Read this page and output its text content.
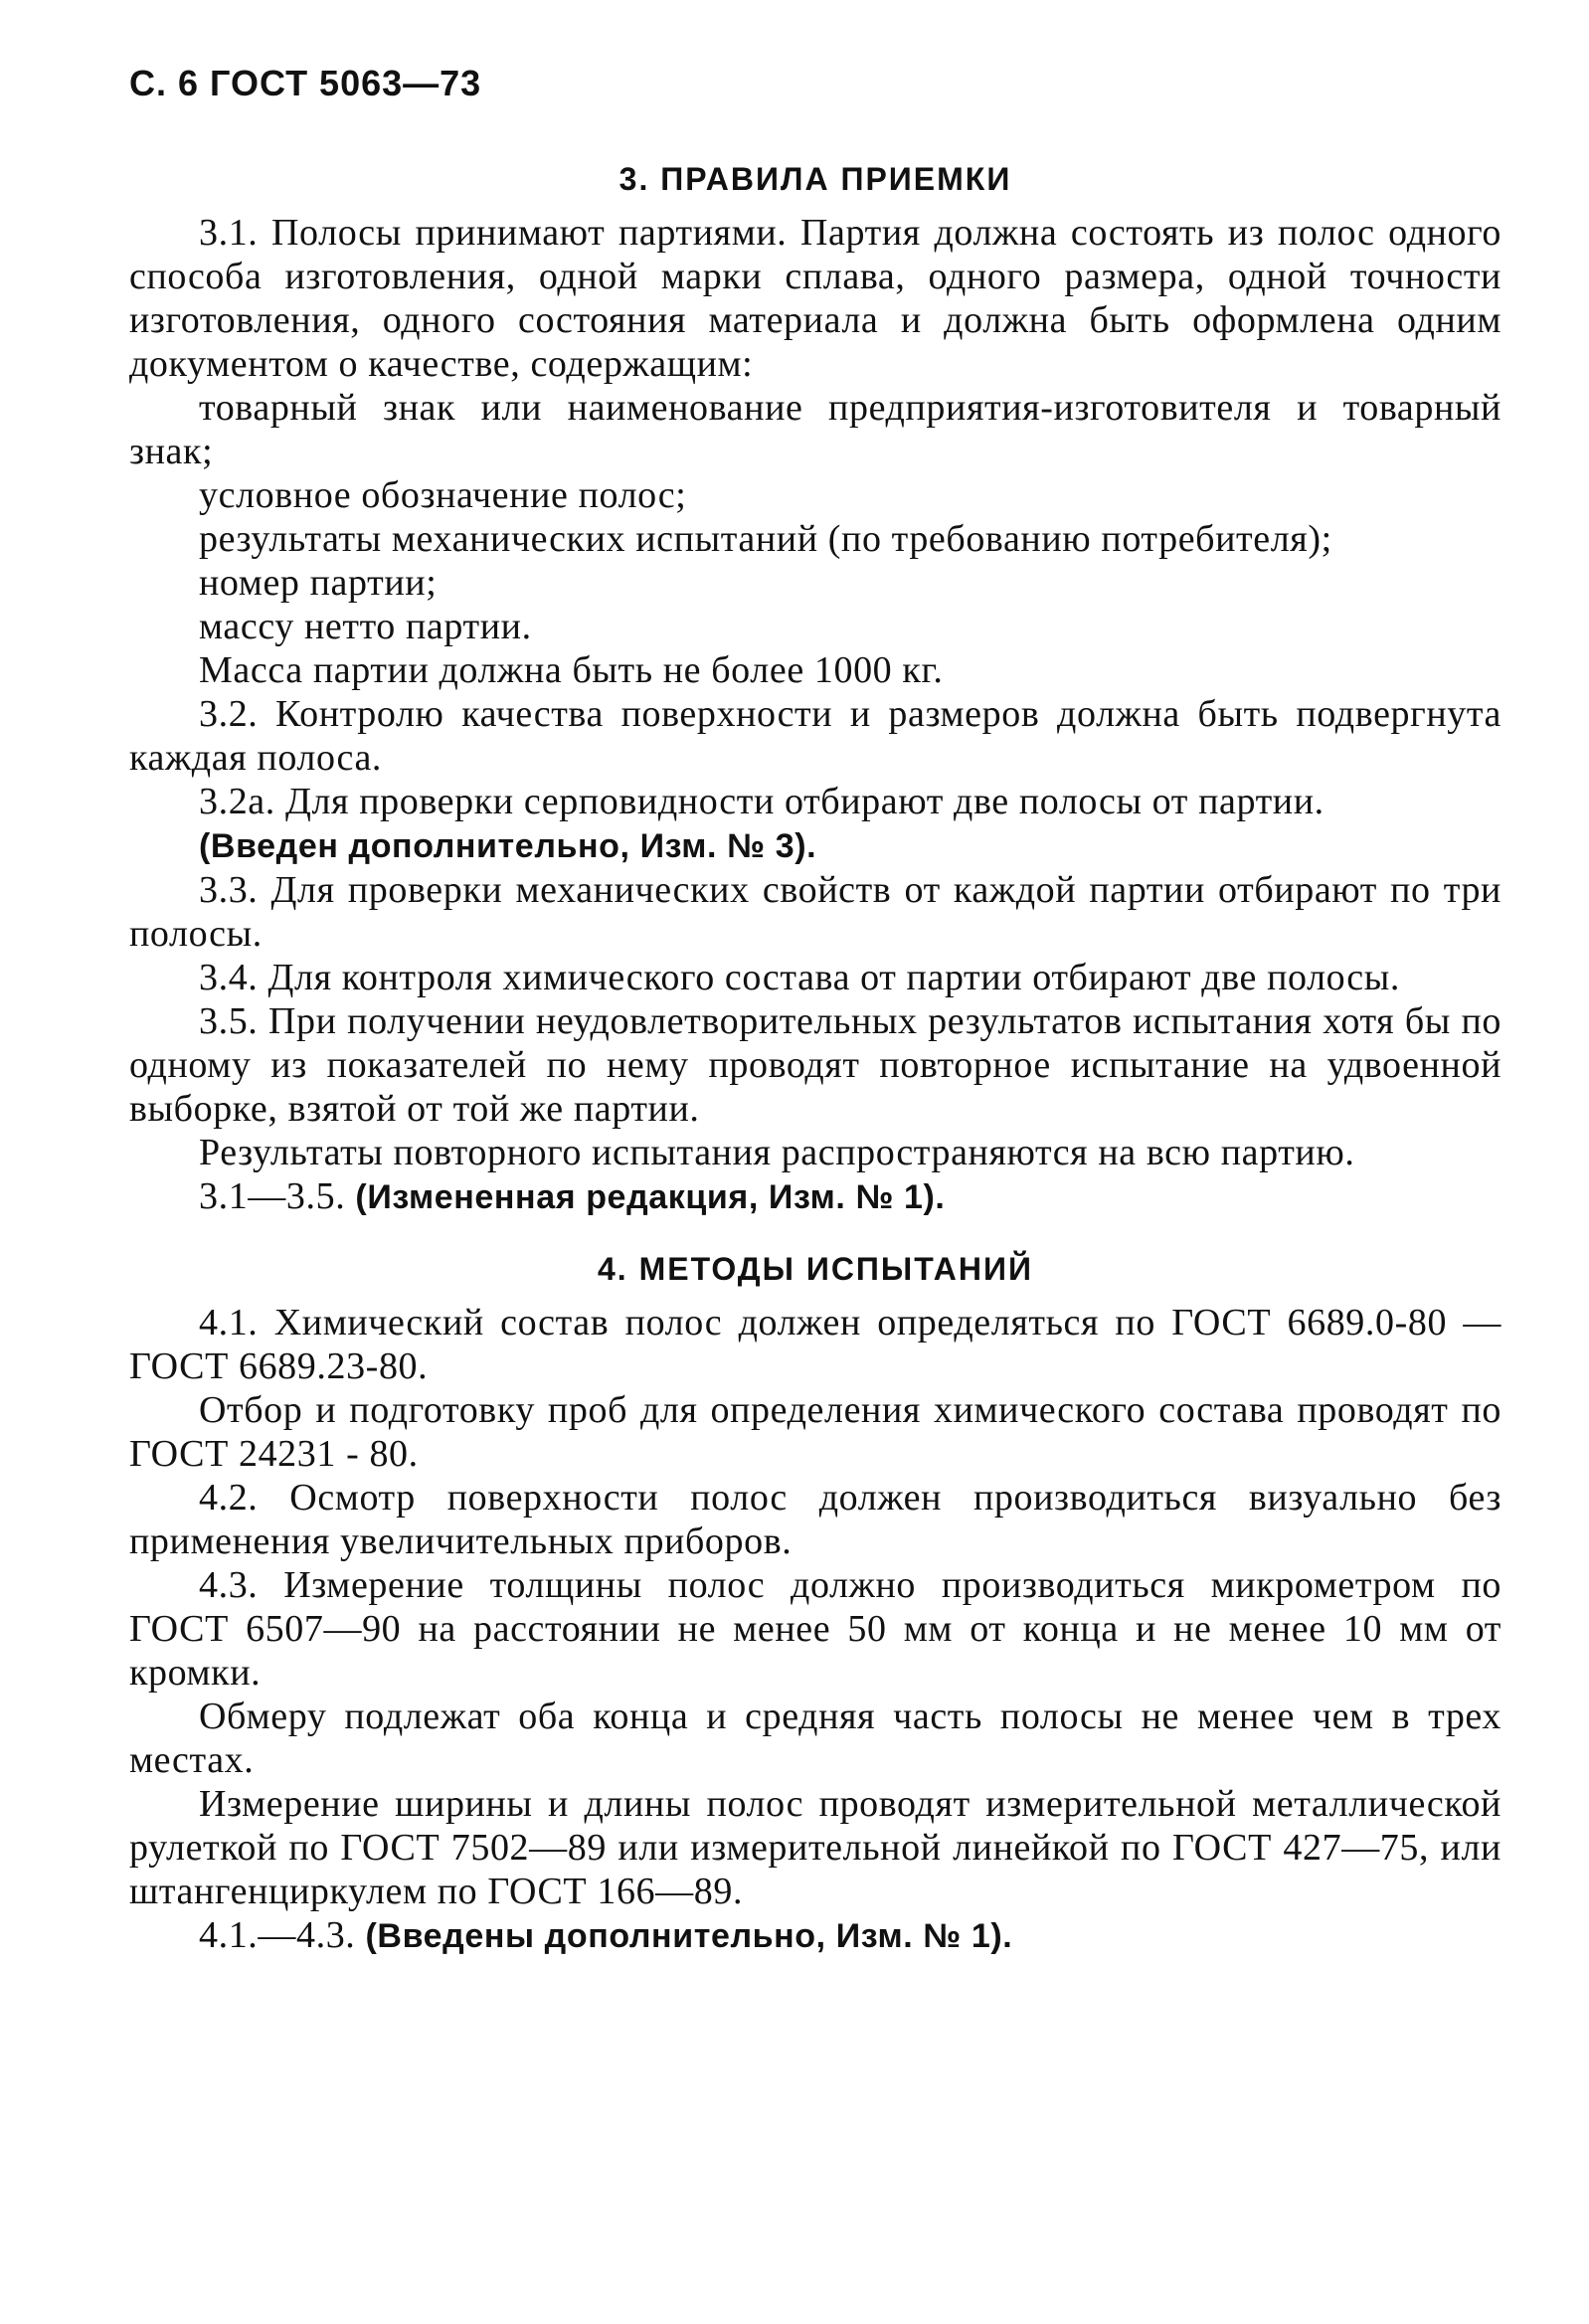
С. 6 ГОСТ 5063—73
3. ПРАВИЛА ПРИЕМКИ

3.1. Полосы принимают партиями. Партия должна состоять из полос одного способа изготовления, одной марки сплава, одного размера, одной точности изготовления, одного состояния материала и должна быть оформлена одним документом о качестве, содержащим:

товарный знак или наименование предприятия-изготовителя и товарный знак;

условное обозначение полос;

результаты механических испытаний (по требованию потребителя);

номер партии;

массу нетто партии.

Масса партии должна быть не более 1000 кг.

3.2. Контролю качества поверхности и размеров должна быть подвергнута каждая полоса.

3.2а. Для проверки серповидности отбирают две полосы от партии.

(Введен дополнительно, Изм. № 3).

3.3. Для проверки механических свойств от каждой партии отбирают по три полосы.

3.4. Для контроля химического состава от партии отбирают две полосы.

3.5. При получении неудовлетворительных результатов испытания хотя бы по одному из показателей по нему проводят повторное испытание на удвоенной выборке, взятой от той же партии.

Результаты повторного испытания распространяются на всю партию.

3.1—3.5. (Измененная редакция, Изм. № 1).

4. МЕТОДЫ ИСПЫТАНИЙ

4.1. Химический состав полос должен определяться по ГОСТ 6689.0-80 — ГОСТ 6689.23-80.

Отбор и подготовку проб для определения химического состава проводят по ГОСТ 24231 - 80.

4.2. Осмотр поверхности полос должен производиться визуально без применения увеличительных приборов.

4.3. Измерение толщины полос должно производиться микрометром по ГОСТ 6507—90 на расстоянии не менее 50 мм от конца и не менее 10 мм от кромки.

Обмеру подлежат оба конца и средняя часть полосы не менее чем в трех местах.

Измерение ширины и длины полос проводят измерительной металлической рулеткой по ГОСТ 7502—89 или измерительной линейкой по ГОСТ 427—75, или штангенциркулем по ГОСТ 166—89.

4.1.—4.3. (Введены дополнительно, Изм. № 1).
